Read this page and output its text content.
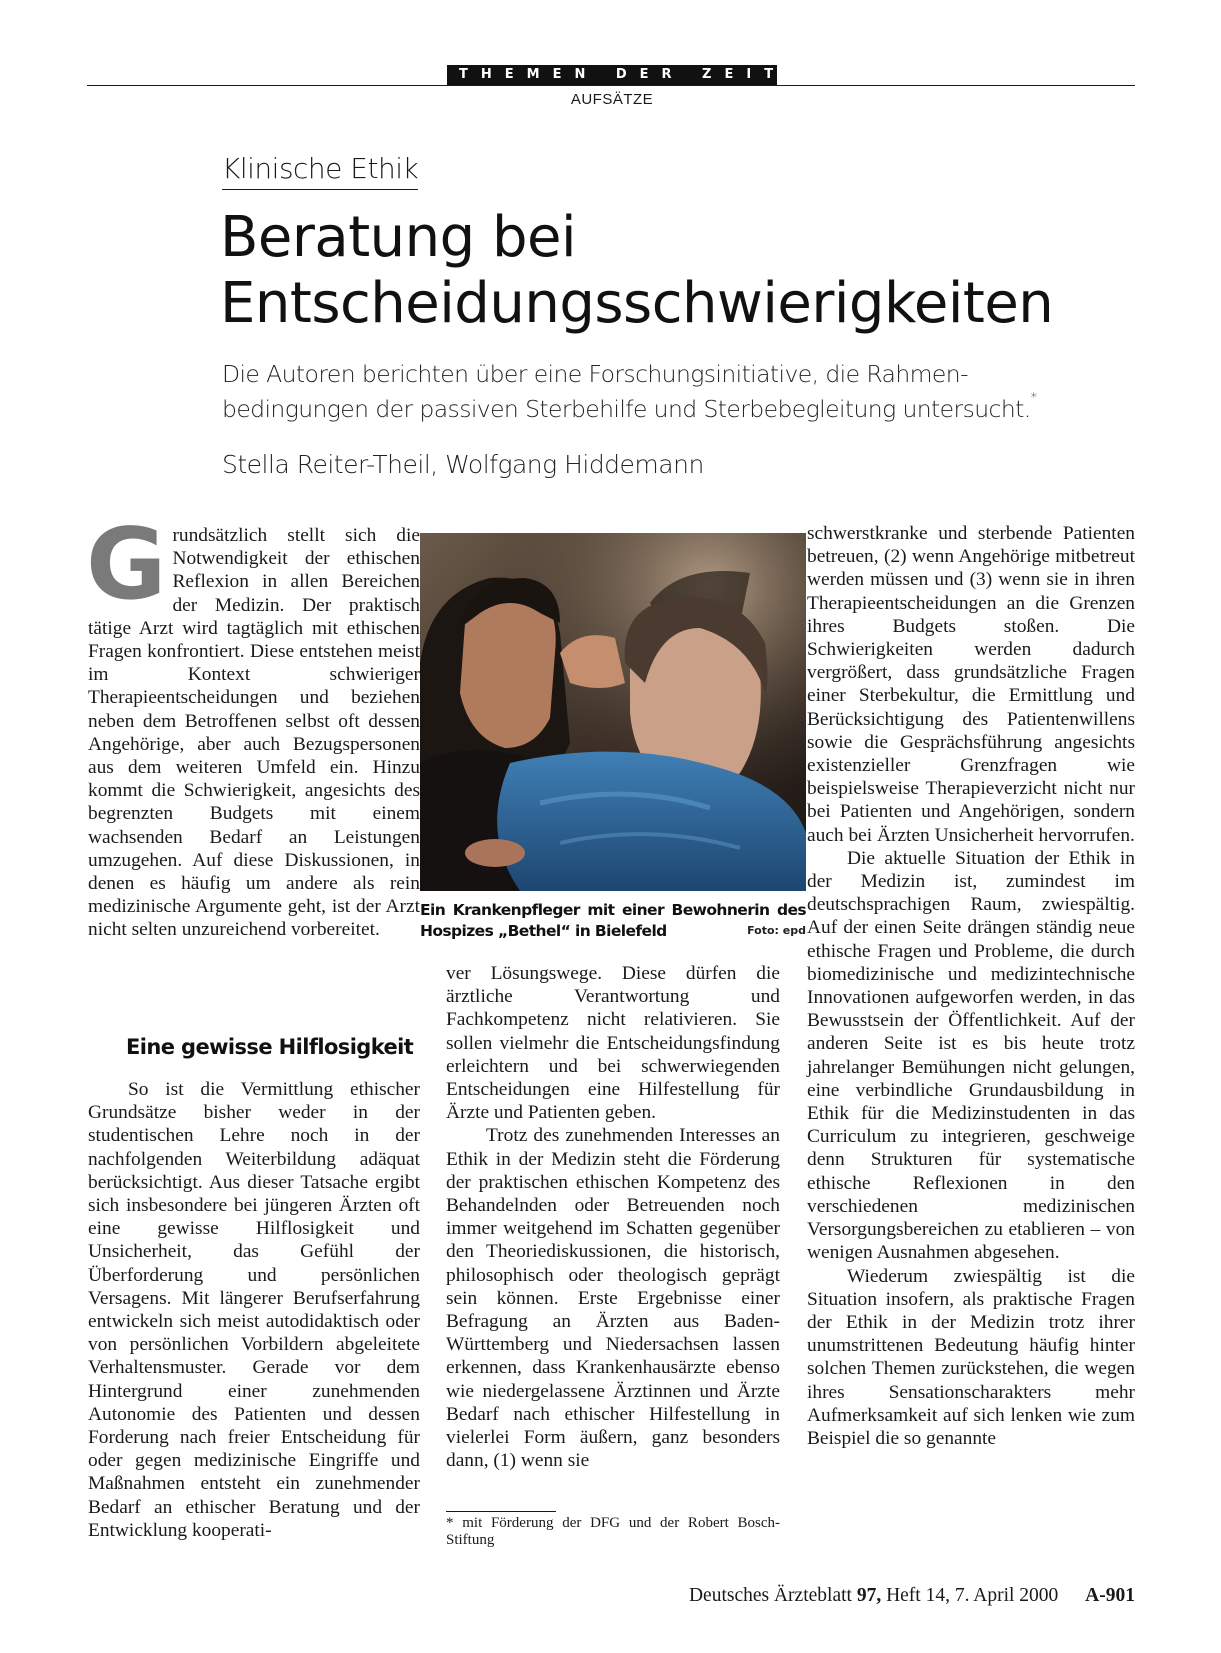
THEMEN DER ZEIT
AUFSÄTZE
Klinische Ethik
Beratung bei
Entscheidungsschwierigkeiten
Die Autoren berichten über eine Forschungsinitiative, die Rahmenbedingungen der passiven Sterbehilfe und Sterbebegleitung untersucht.*
Stella Reiter-Theil, Wolfgang Hiddemann

Grundsätzlich stellt sich die Notwendigkeit der ethischen Reflexion in allen Bereichen der Medizin. Der praktisch tätige Arzt wird tagtäglich mit ethischen Fragen konfrontiert. Diese entstehen meist im Kontext schwieriger Therapieentscheidungen und beziehen neben dem Betroffenen selbst oft dessen Angehörige, aber auch Bezugspersonen aus dem weiteren Umfeld ein. Hinzu kommt die Schwierigkeit, angesichts des begrenzten Budgets mit einem wachsenden Bedarf an Leistungen umzugehen. Auf diese Diskussionen, in denen es häufig um andere als rein medizinische Argumente geht, ist der Arzt nicht selten unzureichend vorbereitet.

Eine gewisse Hilflosigkeit

So ist die Vermittlung ethischer Grundsätze bisher weder in der studentischen Lehre noch in der nachfolgenden Weiterbildung adäquat berücksichtigt. Aus dieser Tatsache ergibt sich insbesondere bei jüngeren Ärzten oft eine gewisse Hilflosigkeit und Unsicherheit, das Gefühl der Überforderung und persönlichen Versagens. Mit längerer Berufserfahrung entwickeln sich meist autodidaktisch oder von persönlichen Vorbildern abgeleitete Verhaltensmuster. Gerade vor dem Hintergrund einer zunehmenden Autonomie des Patienten und dessen Forderung nach freier Entscheidung für oder gegen medizinische Eingriffe und Maßnahmen entsteht ein zunehmender Bedarf an ethischer Beratung und der Entwicklung kooperati-

Ein Krankenpfleger mit einer Bewohnerin des Hospizes „Bethel“ in Bielefeld	Foto: epd

ver Lösungswege. Diese dürfen die ärztliche Verantwortung und Fachkompetenz nicht relativieren. Sie sollen vielmehr die Entscheidungsfindung erleichtern und bei schwerwiegenden Entscheidungen eine Hilfestellung für Ärzte und Patienten geben.

Trotz des zunehmenden Interesses an Ethik in der Medizin steht die Förderung der praktischen ethischen Kompetenz des Behandelnden oder Betreuenden noch immer weitgehend im Schatten gegenüber den Theoriediskussionen, die historisch, philosophisch oder theologisch geprägt sein können. Erste Ergebnisse einer Befragung an Ärzten aus Baden-Württemberg und Niedersachsen lassen erkennen, dass Krankenhausärzte ebenso wie niedergelassene Ärztinnen und Ärzte Bedarf nach ethischer Hilfestellung in vielerlei Form äußern, ganz besonders dann, (1) wenn sie

* mit Förderung der DFG und der Robert Bosch-Stiftung

schwerstkranke und sterbende Patienten betreuen, (2) wenn Angehörige mitbetreut werden müssen und (3) wenn sie in ihren Therapieentscheidungen an die Grenzen ihres Budgets stoßen. Die Schwierigkeiten werden dadurch vergrößert, dass grundsätzliche Fragen einer Sterbekultur, die Ermittlung und Berücksichtigung des Patientenwillens sowie die Gesprächsführung angesichts existenzieller Grenzfragen wie beispielsweise Therapieverzicht nicht nur bei Patienten und Angehörigen, sondern auch bei Ärzten Unsicherheit hervorrufen.

Die aktuelle Situation der Ethik in der Medizin ist, zumindest im deutschsprachigen Raum, zwiespältig. Auf der einen Seite drängen ständig neue ethische Fragen und Probleme, die durch biomedizinische und medizintechnische Innovationen aufgeworfen werden, in das Bewusstsein der Öffentlichkeit. Auf der anderen Seite ist es bis heute trotz jahrelanger Bemühungen nicht gelungen, eine verbindliche Grundausbildung in Ethik für die Medizinstudenten in das Curriculum zu integrieren, geschweige denn Strukturen für systematische ethische Reflexionen in den verschiedenen medizinischen Versorgungsbereichen zu etablieren – von wenigen Ausnahmen abgesehen.

Wiederum zwiespältig ist die Situation insofern, als praktische Fragen der Ethik in der Medizin trotz ihrer unumstrittenen Bedeutung häufig hinter solchen Themen zurückstehen, die wegen ihres Sensationscharakters mehr Aufmerksamkeit auf sich lenken wie zum Beispiel die so genannte

Deutsches Ärzteblatt 97, Heft 14, 7. April 2000 A-901
